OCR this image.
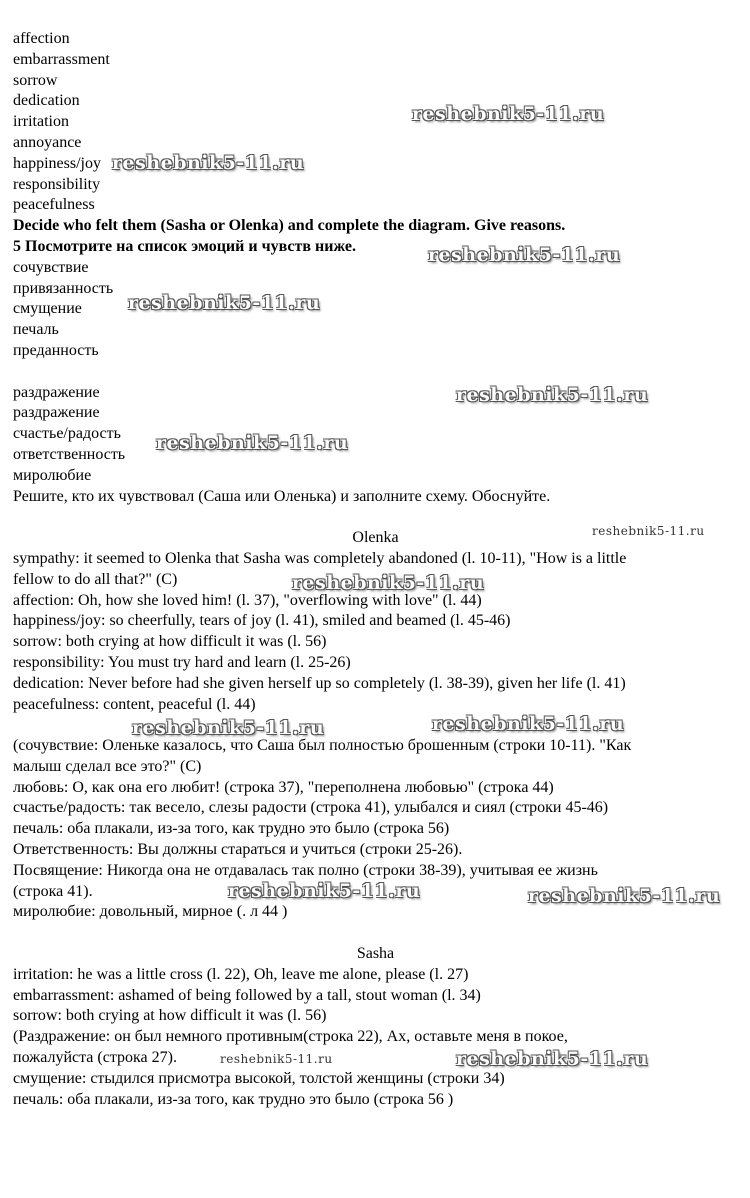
affection
embarrassment
sorrow
dedication
irritation
annoyance
happiness/joy
responsibility
peacefulness
Decide who felt them (Sasha or Olenka) and complete the diagram. Give reasons.
5 Посмотрите на список эмоций и чувств ниже.
сочувствие
привязанность
смущение
печаль
преданность
раздражение
раздражение
счастье/радость
ответственность
миролюбие
Решите, кто их чувствовал (Саша или Оленька) и заполните схему. Обоснуйте.
Olenka
sympathy: it seemed to Olenka that Sasha was completely abandoned (l. 10-11), "How is a little
fellow to do all that?" (C)
affection: Oh, how she loved him! (l. 37), "overflowing with love" (l. 44)
happiness/joy: so cheerfully, tears of joy (l. 41), smiled and beamed (l. 45-46)
sorrow: both crying at how difficult it was (l. 56)
responsibility: You must try hard and learn (l. 25-26)
dedication: Never before had she given herself up so completely (l. 38-39), given her life (l. 41)
peacefulness: content, peaceful (l. 44)
(сочувствие: Оленьке казалось, что Саша был полностью брошенным (строки 10-11). "Как
малыш сделал все это?" (С)
любовь: О, как она его любит! (строка 37), "переполнена любовью" (строка 44)
счастье/радость: так весело, слезы радости (строка 41), улыбался и сиял (строки 45-46)
печаль: оба плакали, из-за того, как трудно это было (строка 56)
Ответственность: Вы должны стараться и учиться (строки 25-26).
Посвящение: Никогда она не отдавалась так полно (строки 38-39), учитывая ее жизнь
(строка 41).
миролюбие: довольный, мирное (. л 44 )
Sasha
irritation: he was a little cross (l. 22), Oh, leave me alone, please (l. 27)
embarrassment: ashamed of being followed by a tall, stout woman (l. 34)
sorrow: both crying at how difficult it was (l. 56)
(Раздражение: он был немного противным(строка 22), Ах, оставьте меня в покое,
пожалуйста (строка 27).
смущение: стыдился присмотра высокой, толстой женщины (строки 34)
печаль: оба плакали, из-за того, как трудно это было (строка 56 )
reshebnik5-11.ru
reshebnik5-11.ru
reshebnik5-11.ru
reshebnik5-11.ru
reshebnik5-11.ru
reshebnik5-11.ru
reshebnik5-11.ru
reshebnik5-11.ru
reshebnik5-11.ru	reshebnik5-11.ru
reshebnik5-11.ru	reshebnik5-11.ru
reshebnik5-11.ru	reshebnik5-11.ru
